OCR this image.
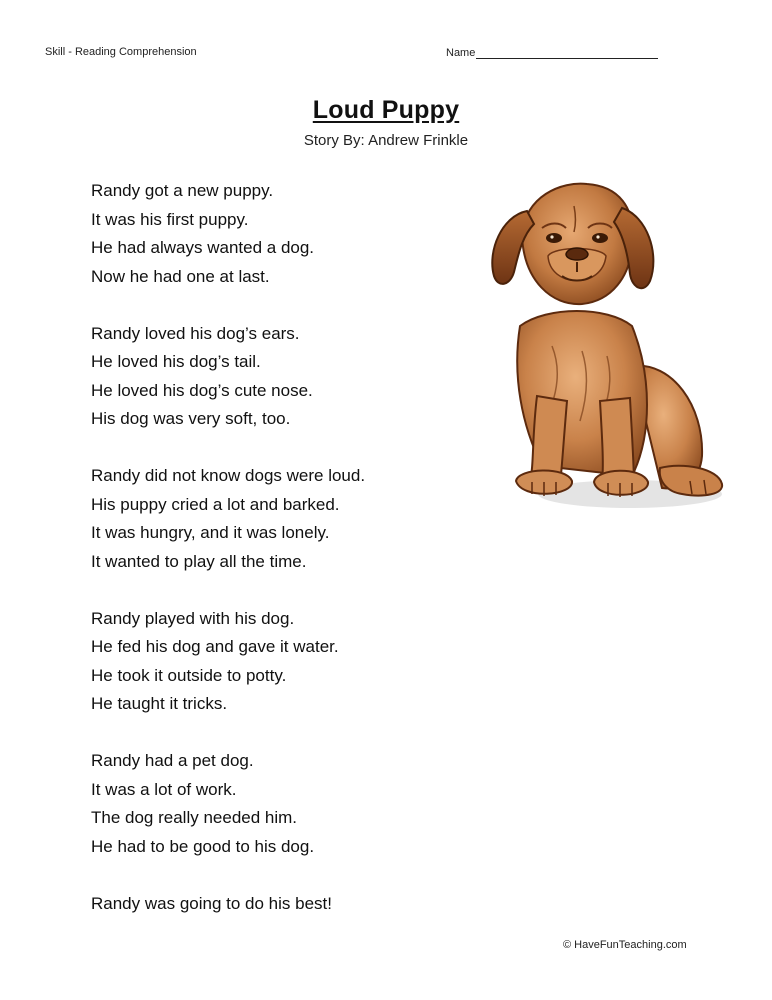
Skill - Reading Comprehension	Name
Loud Puppy
Story By: Andrew Frinkle
Randy got a new puppy.
It was his first puppy.
He had always wanted a dog.
Now he had one at last.
Randy loved his dog’s ears.
He loved his dog’s tail.
He loved his dog’s cute nose.
His dog was very soft, too.
Randy did not know dogs were loud.
His puppy cried a lot and barked.
It was hungry, and it was lonely.
It wanted to play all the time.
Randy played with his dog.
He fed his dog and gave it water.
He took it outside to potty.
He taught it tricks.
Randy had a pet dog.
It was a lot of work.
The dog really needed him.
He had to be good to his dog.
Randy was going to do his best!
© HaveFunTeaching.com
